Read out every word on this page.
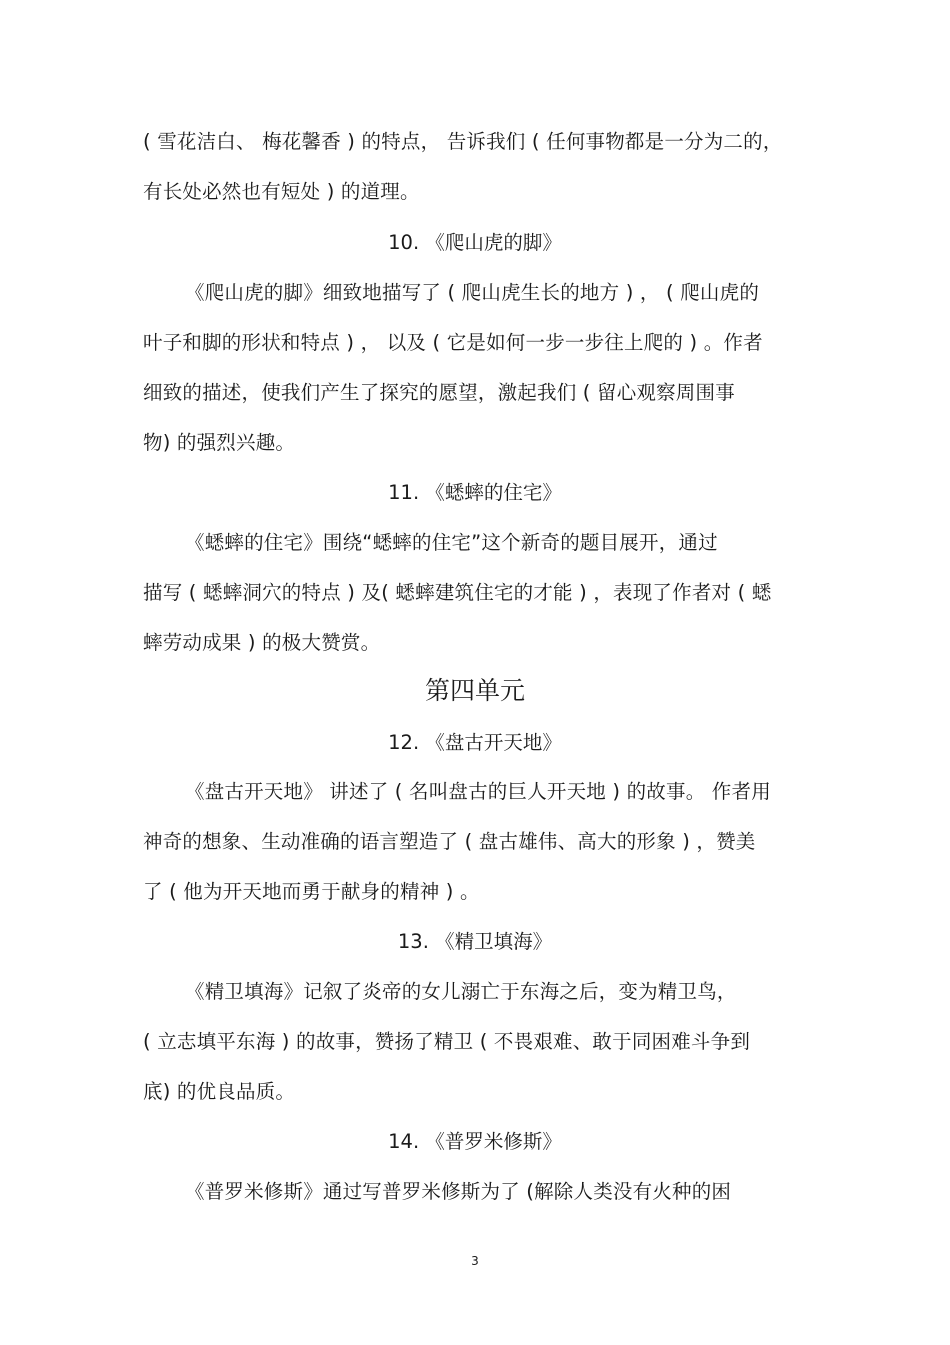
( 雪花洁白、 梅花馨香 ) 的特点， 告诉我们 ( 任何事物都是一分为二的，
有长处必然也有短处 ) 的道理。
10. 《爬山虎的脚》
《爬山虎的脚》细致地描写了 ( 爬山虎生长的地方 ) ， ( 爬山虎的
叶子和脚的形状和特点 ) ， 以及 ( 它是如何一步一步往上爬的 ) 。作者
细致的描述，使我们产生了探究的愿望，激起我们 ( 留心观察周围事
物) 的强烈兴趣。
11. 《蟋蟀的住宅》
《蟋蟀的住宅》围绕“蟋蟀的住宅”这个新奇的题目展开，通过
描写 ( 蟋蟀洞穴的特点 ) 及( 蟋蟀建筑住宅的才能 ) ，表现了作者对 ( 蟋
蟀劳动成果 ) 的极大赞赏。
第四单元
12. 《盘古开天地》
《盘古开天地》 讲述了 ( 名叫盘古的巨人开天地 ) 的故事。 作者用
神奇的想象、生动准确的语言塑造了 ( 盘古雄伟、高大的形象 ) ，赞美
了 ( 他为开天地而勇于献身的精神 ) 。
13. 《精卫填海》
《精卫填海》记叙了炎帝的女儿溺亡于东海之后，变为精卫鸟，
( 立志填平东海 ) 的故事，赞扬了精卫 ( 不畏艰难、敢于同困难斗争到
底) 的优良品质。
14. 《普罗米修斯》
《普罗米修斯》通过写普罗米修斯为了 (解除人类没有火种的困
3
